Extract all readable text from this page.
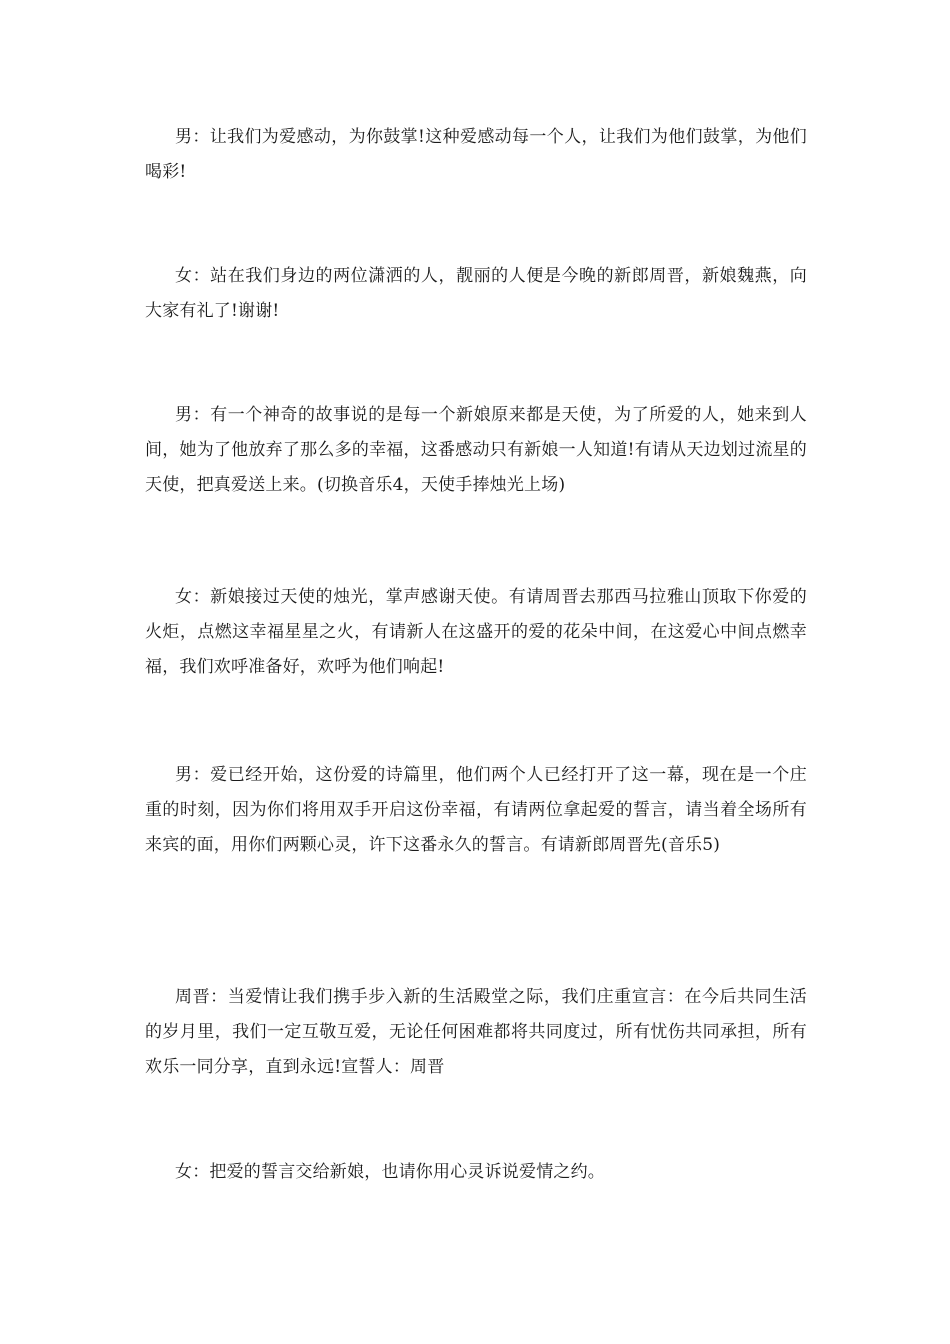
男：让我们为爱感动，为你鼓掌!这种爱感动每一个人，让我们为他们鼓掌，为他们喝彩!

女：站在我们身边的两位潇洒的人，靓丽的人便是今晚的新郎周晋，新娘魏燕，向大家有礼了!谢谢!

男：有一个神奇的故事说的是每一个新娘原来都是天使，为了所爱的人，她来到人间，她为了他放弃了那么多的幸福，这番感动只有新娘一人知道!有请从天边划过流星的天使，把真爱送上来。(切换音乐4，天使手捧烛光上场)

女：新娘接过天使的烛光，掌声感谢天使。有请周晋去那西马拉雅山顶取下你爱的火炬，点燃这幸福星星之火，有请新人在这盛开的爱的花朵中间，在这爱心中间点燃幸福，我们欢呼准备好，欢呼为他们响起!

男：爱已经开始，这份爱的诗篇里，他们两个人已经打开了这一幕，现在是一个庄重的时刻，因为你们将用双手开启这份幸福，有请两位拿起爱的誓言，请当着全场所有来宾的面，用你们两颗心灵，许下这番永久的誓言。有请新郎周晋先(音乐5)

周晋：当爱情让我们携手步入新的生活殿堂之际，我们庄重宣言：在今后共同生活的岁月里，我们一定互敬互爱，无论任何困难都将共同度过，所有忧伤共同承担，所有欢乐一同分享，直到永远!宣誓人：周晋

女：把爱的誓言交给新娘，也请你用心灵诉说爱情之约。
